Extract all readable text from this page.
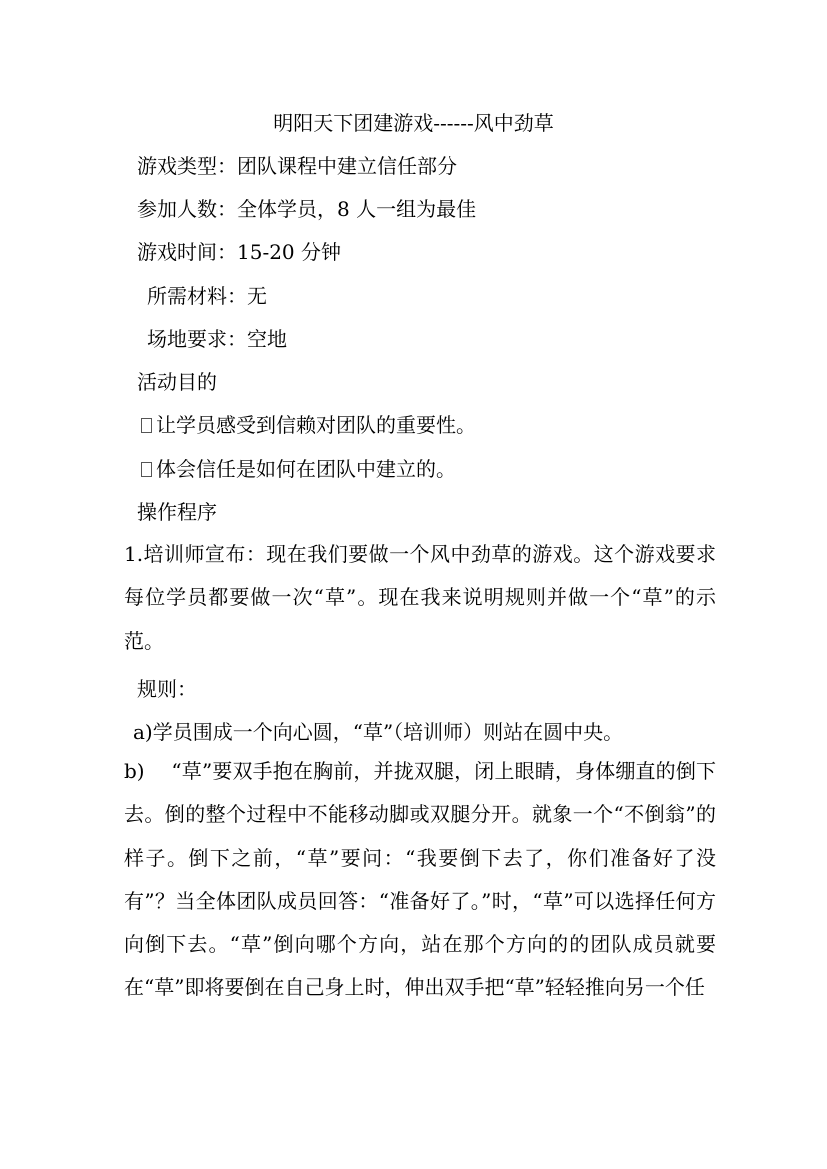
明阳天下团建游戏------风中劲草
游戏类型：团队课程中建立信任部分
参加人数：全体学员，8 人一组为最佳
游戏时间：15-20 分钟
所需材料：无
场地要求：空地
活动目的
让学员感受到信赖对团队的重要性。
体会信任是如何在团队中建立的。
操作程序
1.培训师宣布：现在我们要做一个风中劲草的游戏。这个游戏要求每位学员都要做一次“草”。现在我来说明规则并做一个“草”的示范。
规则：
a)学员围成一个向心圆，“草”（培训师）则站在圆中央。
b)　 “草”要双手抱在胸前，并拢双腿，闭上眼睛，身体绷直的倒下去。倒的整个过程中不能移动脚或双腿分开。就象一个“不倒翁”的样子。倒下之前，“草”要问：“我要倒下去了，你们准备好了没有”？当全体团队成员回答：“准备好了。”时，“草”可以选择任何方向倒下去。“草”倒向哪个方向，站在那个方向的的团队成员就要在“草”即将要倒在自己身上时，伸出双手把“草”轻轻推向另一个任
